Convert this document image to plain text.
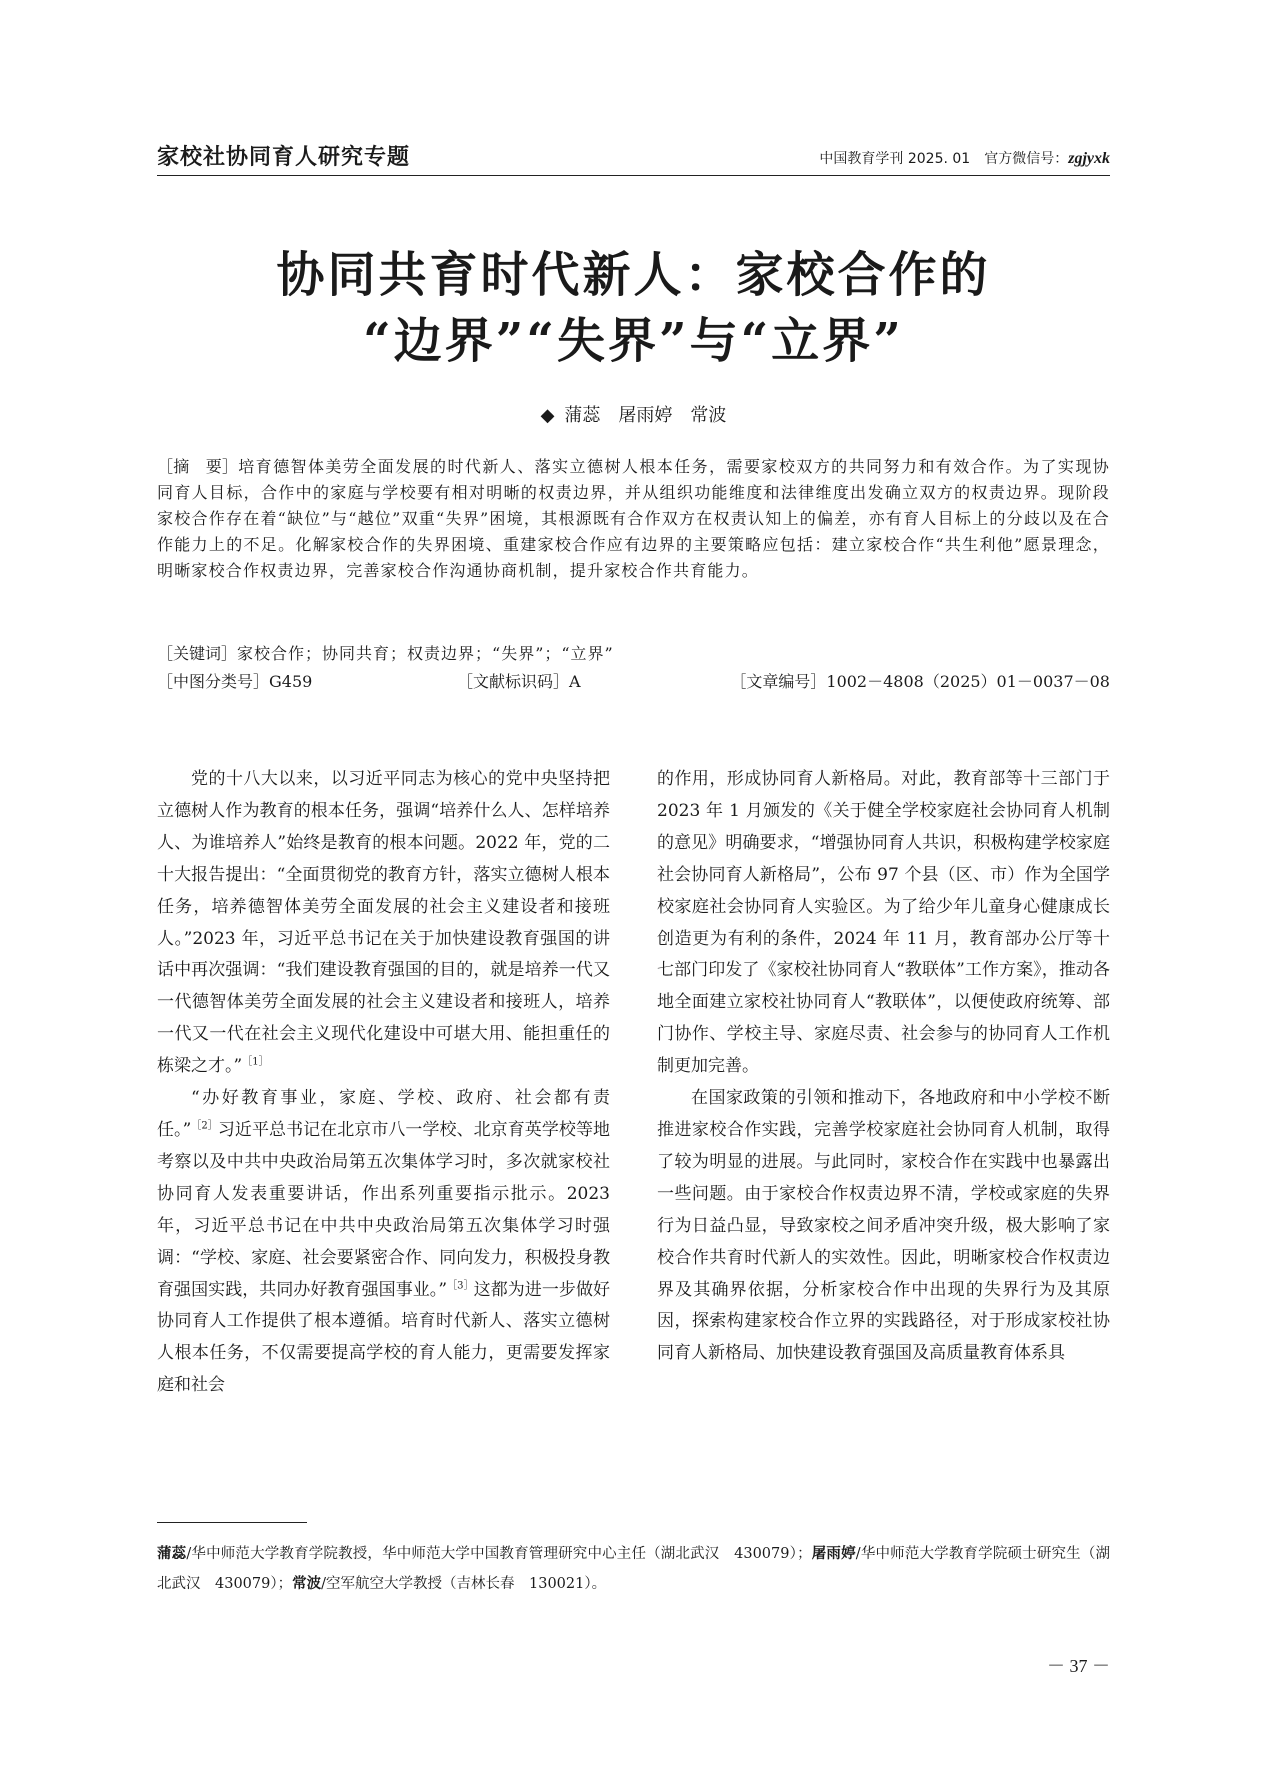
家校社协同育人研究专题	中国教育学刊 2025. 01　官方微信号：zgjyxk
协同共育时代新人：家校合作的
“边界”“失界”与“立界”
◆ 蒲蕊　屠雨婷　常波
［摘　要］培育德智体美劳全面发展的时代新人、落实立德树人根本任务，需要家校双方的共同努力和有效合作。为了实现协同育人目标，合作中的家庭与学校要有相对明晰的权责边界，并从组织功能维度和法律维度出发确立双方的权责边界。现阶段家校合作存在着“缺位”与“越位”双重“失界”困境，其根源既有合作双方在权责认知上的偏差，亦有育人目标上的分歧以及在合作能力上的不足。化解家校合作的失界困境、重建家校合作应有边界的主要策略应包括：建立家校合作“共生利他”愿景理念，明晰家校合作权责边界，完善家校合作沟通协商机制，提升家校合作共育能力。
［关键词］家校合作；协同共育；权责边界；“失界”；“立界”
［中图分类号］G459	［文献标识码］A	［文章编号］1002－4808（2025）01－0037－08

党的十八大以来，以习近平同志为核心的党中央坚持把立德树人作为教育的根本任务，强调“培养什么人、怎样培养人、为谁培养人”始终是教育的根本问题。2022 年，党的二十大报告提出：“全面贯彻党的教育方针，落实立德树人根本任务，培养德智体美劳全面发展的社会主义建设者和接班人。”2023 年，习近平总书记在关于加快建设教育强国的讲话中再次强调：“我们建设教育强国的目的，就是培养一代又一代德智体美劳全面发展的社会主义建设者和接班人，培养一代又一代在社会主义现代化建设中可堪大用、能担重任的栋梁之才。”$^{[1]}$

“办好教育事业，家庭、学校、政府、社会都有责任。”$^{[2]}$习近平总书记在北京市八一学校、北京育英学校等地考察以及中共中央政治局第五次集体学习时，多次就家校社协同育人发表重要讲话，作出系列重要指示批示。2023 年，习近平总书记在中共中央政治局第五次集体学习时强调：“学校、家庭、社会要紧密合作、同向发力，积极投身教育强国实践，共同办好教育强国事业。”$^{[3]}$这都为进一步做好协同育人工作提供了根本遵循。培育时代新人、落实立德树人根本任务，不仅需要提高学校的育人能力，更需要发挥家庭和社会

的作用，形成协同育人新格局。对此，教育部等十三部门于 2023 年 1 月颁发的《关于健全学校家庭社会协同育人机制的意见》明确要求，“增强协同育人共识，积极构建学校家庭社会协同育人新格局”，公布 97 个县（区、市）作为全国学校家庭社会协同育人实验区。为了给少年儿童身心健康成长创造更为有利的条件，2024 年 11 月，教育部办公厅等十七部门印发了《家校社协同育人“教联体”工作方案》，推动各地全面建立家校社协同育人“教联体”，以便使政府统筹、部门协作、学校主导、家庭尽责、社会参与的协同育人工作机制更加完善。

在国家政策的引领和推动下，各地政府和中小学校不断推进家校合作实践，完善学校家庭社会协同育人机制，取得了较为明显的进展。与此同时，家校合作在实践中也暴露出一些问题。由于家校合作权责边界不清，学校或家庭的失界行为日益凸显，导致家校之间矛盾冲突升级，极大影响了家校合作共育时代新人的实效性。因此，明晰家校合作权责边界及其确界依据，分析家校合作中出现的失界行为及其原因，探索构建家校合作立界的实践路径，对于形成家校社协同育人新格局、加快建设教育强国及高质量教育体系具

蒲蕊/华中师范大学教育学院教授，华中师范大学中国教育管理研究中心主任（湖北武汉　430079）；屠雨婷/华中师范大学教育学院硕士研究生（湖北武汉　430079）；常波/空军航空大学教授（吉林长春　130021）。
－ 37 －
